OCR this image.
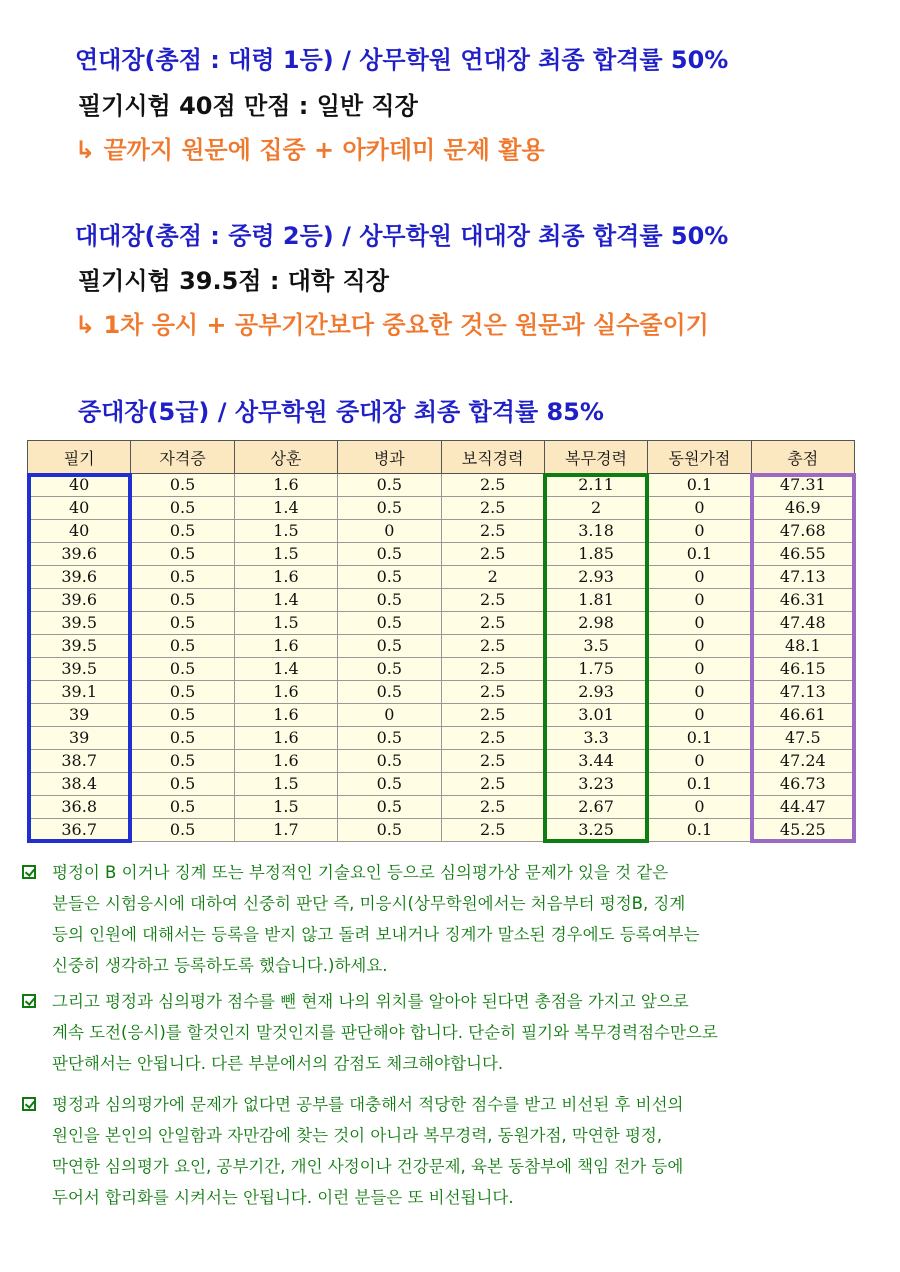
연대장(총점 : 대령 1등) / 상무학원 연대장 최종 합격률 50%
필기시험 40점 만점 : 일반 직장
↳ 끝까지 원문에 집중 + 아카데미 문제 활용
대대장(총점 : 중령 2등) / 상무학원 대대장 최종 합격률 50%
필기시험 39.5점 : 대학 직장
↳ 1차 응시 + 공부기간보다 중요한 것은 원문과 실수줄이기
중대장(5급) / 상무학원 중대장 최종 합격률 85%
필기	자격증	상훈	병과	보직경력	복무경력	동원가점	총점
40	0.5	1.6	0.5	2.5	2.11	0.1	47.31
40	0.5	1.4	0.5	2.5	2	0	46.9
40	0.5	1.5	0	2.5	3.18	0	47.68
39.6	0.5	1.5	0.5	2.5	1.85	0.1	46.55
39.6	0.5	1.6	0.5	2	2.93	0	47.13
39.6	0.5	1.4	0.5	2.5	1.81	0	46.31
39.5	0.5	1.5	0.5	2.5	2.98	0	47.48
39.5	0.5	1.6	0.5	2.5	3.5	0	48.1
39.5	0.5	1.4	0.5	2.5	1.75	0	46.15
39.1	0.5	1.6	0.5	2.5	2.93	0	47.13
39	0.5	1.6	0	2.5	3.01	0	46.61
39	0.5	1.6	0.5	2.5	3.3	0.1	47.5
38.7	0.5	1.6	0.5	2.5	3.44	0	47.24
38.4	0.5	1.5	0.5	2.5	3.23	0.1	46.73
36.8	0.5	1.5	0.5	2.5	2.67	0	44.47
36.7	0.5	1.7	0.5	2.5	3.25	0.1	45.25

평정이 B 이거나 징계 또는 부정적인 기술요인 등으로 심의평가상 문제가 있을 것 같은

분들은 시험응시에 대하여 신중히 판단 즉, 미응시(상무학원에서는 처음부터 평정B, 징계

등의 인원에 대해서는 등록을 받지 않고 돌려 보내거나 징계가 말소된 경우에도 등록여부는

신중히 생각하고 등록하도록 했습니다.)하세요.

그리고 평정과 심의평가 점수를 뺀 현재 나의 위치를 알아야 된다면 총점을 가지고 앞으로

계속 도전(응시)를 할것인지 말것인지를 판단해야 합니다. 단순히 필기와 복무경력점수만으로

판단해서는 안됩니다. 다른 부분에서의 감점도 체크해야합니다.

평정과 심의평가에 문제가 없다면 공부를 대충해서 적당한 점수를 받고 비선된 후 비선의

원인을 본인의 안일함과 자만감에 찾는 것이 아니라 복무경력, 동원가점, 막연한 평정,

막연한 심의평가 요인, 공부기간, 개인 사정이나 건강문제, 육본 동참부에 책임 전가 등에

두어서 합리화를 시켜서는 안됩니다. 이런 분들은 또 비선됩니다.
